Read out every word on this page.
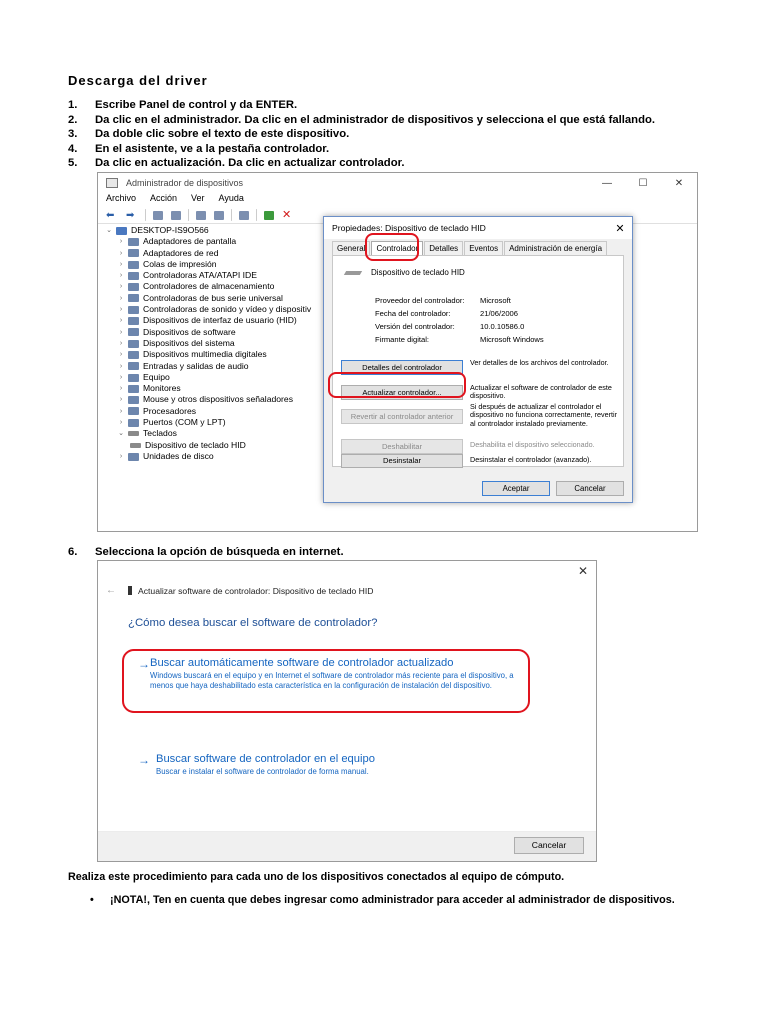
Descarga del driver
1.	Escribe Panel de control y da ENTER.
2.	Da clic en el administrador. Da clic en el administrador de dispositivos y selecciona el que está fallando.
3.	Da doble clic sobre el texto de este dispositivo.
4.	En el asistente, ve a la pestaña controlador.
5.	Da clic en actualización. Da clic en actualizar controlador.
Administrador de dispositivos	—	☐	✕
Archivo Acción Ver Ayuda
⬅	➡	✕
⌄	DESKTOP-IS9O566
›	Adaptadores de pantalla
›	Adaptadores de red
›	Colas de impresión
›	Controladoras ATA/ATAPI IDE
›	Controladores de almacenamiento
›	Controladoras de bus serie universal
›	Controladoras de sonido y vídeo y dispositiv
›	Dispositivos de interfaz de usuario (HID)
›	Dispositivos de software
›	Dispositivos del sistema
›	Dispositivos multimedia digitales
›	Entradas y salidas de audio
›	Equipo
›	Monitores
›	Mouse y otros dispositivos señaladores
›	Procesadores
›	Puertos (COM y LPT)
⌄	Teclados
Dispositivo de teclado HID
›	Unidades de disco
Propiedades: Dispositivo de teclado HID	✕
General	Controlador	Detalles	Eventos	Administración de energía
Dispositivo de teclado HID
Proveedor del controlador: Microsoft
Fecha del controlador:	21/06/2006
Versión del controlador:	10.0.10586.0
Firmante digital:	Microsoft Windows
Detalles del controlador
Ver detalles de los archivos del controlador.
Actualizar controlador...
Actualizar el software de controlador de este dispositivo.
Revertir al controlador anterior
Si después de actualizar el controlador el dispositivo no funciona correctamente, revertir al controlador instalado previamente.
Deshabilitar	Deshabilita el dispositivo seleccionado.
Desinstalar	Desinstalar el controlador (avanzado).
Aceptar	Cancelar
6.	Selecciona la opción de búsqueda en internet.
✕
←	Actualizar software de controlador: Dispositivo de teclado HID
¿Cómo desea buscar el software de controlador?
→ Buscar automáticamente software de controlador actualizado
Windows buscará en el equipo y en Internet el software de controlador más reciente para el dispositivo, a menos que haya deshabilitado esta característica en la configuración de instalación del dispositivo.
→ Buscar software de controlador en el equipo
Buscar e instalar el software de controlador de forma manual.
Cancelar
Realiza este procedimiento para cada uno de los dispositivos conectados al equipo de cómputo.
•	¡NOTA!, Ten en cuenta que debes ingresar como administrador para acceder al administrador de dispositivos.
